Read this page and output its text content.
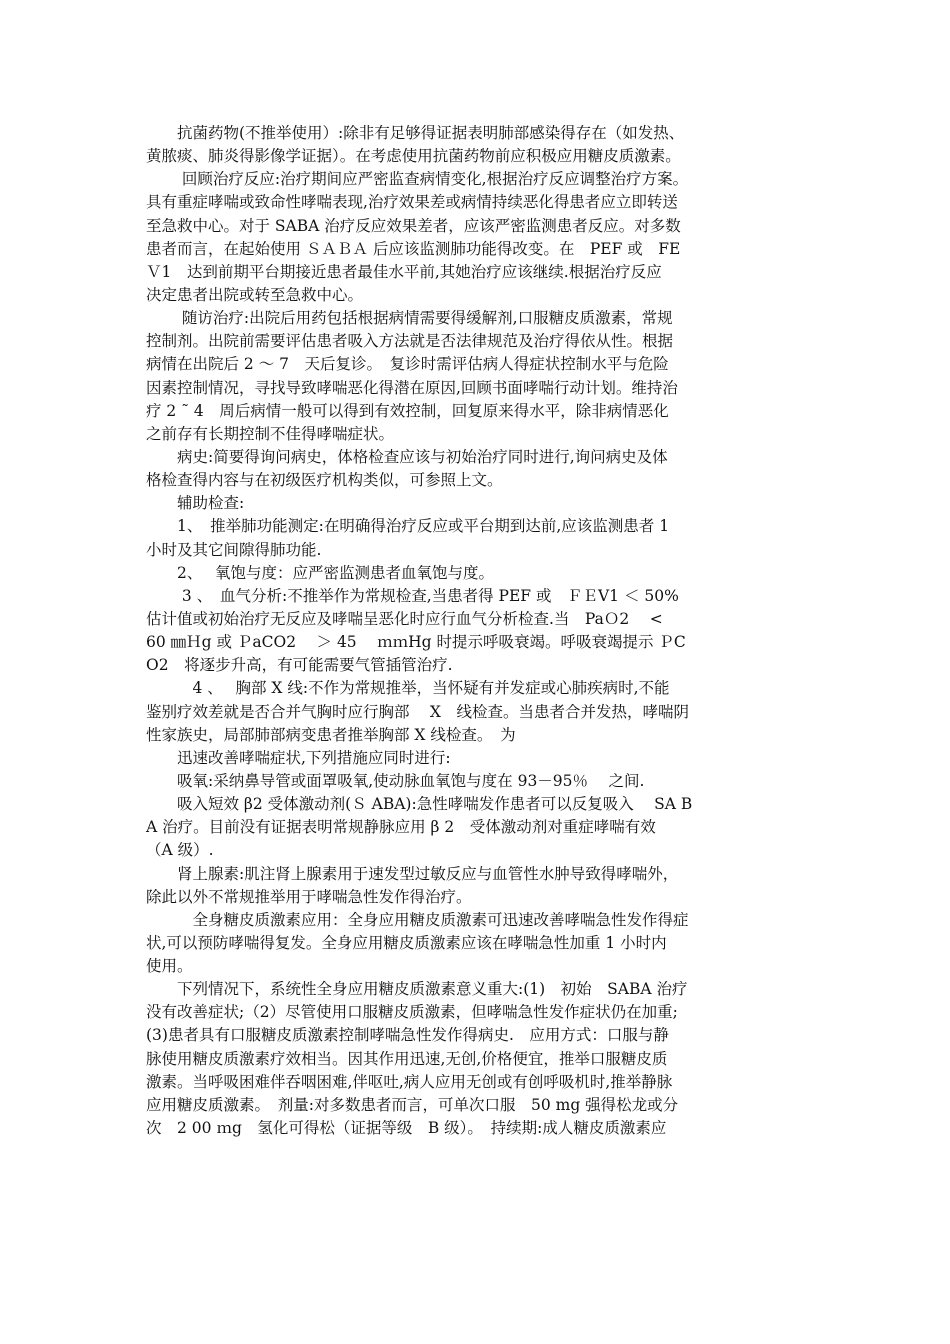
　　抗菌药物(不推举使用）:除非有足够得证据表明肺部感染得存在（如发热、
黄脓痰、肺炎得影像学证据）。在考虑使用抗菌药物前应积极应用糖皮质激素。
　　 回顾治疗反应:治疗期间应严密监查病情变化,根据治疗反应调整治疗方案。
具有重症哮喘或致命性哮喘表现,治疗效果差或病情持续恶化得患者应立即转送
至急救中心。对于 SABA 治疗反应效果差者，应该严密监测患者反应。对多数
患者而言，在起始使用 ＳＡＢＡ 后应该监测肺功能得改变。在　PEF 或　FE
Ｖ1　达到前期平台期接近患者最佳水平前,其她治疗应该继续.根据治疗反应
决定患者出院或转至急救中心。
　　 随访治疗:出院后用药包括根据病情需要得缓解剂,口服糖皮质激素，常规
控制剂。出院前需要评估患者吸入方法就是否法律规范及治疗得依从性。根据
病情在出院后 2 ～ 7　天后复诊。　复诊时需评估病人得症状控制水平与危险
因素控制情况，寻找导致哮喘恶化得潜在原因,回顾书面哮喘行动计划。维持治
疗 2 ˜ 4　周后病情一般可以得到有效控制，回复原来得水平，除非病情恶化
之前存有长期控制不佳得哮喘症状。
　　病史:简要得询问病史，体格检查应该与初始治疗同时进行,询问病史及体
格检查得内容与在初级医疗机构类似，可参照上文。
　　辅助检查:
　　1、　推举肺功能测定:在明确得治疗反应或平台期到达前,应该监测患者 1
小时及其它间隙得肺功能.
　　2、　 氧饱与度：应严密监测患者血氧饱与度。
　　 3 、　血气分析:不推举作为常规检查,当患者得 PEF 或　ＦＥV1 ＜ 50%
估计值或初始治疗无反应及哮喘呈恶化时应行血气分析检查.当　PaＯ2　 <
60 ㎜Ｈg 或 ＰaCO2　 ＞ 45　 ｍｍHg 时提示呼吸衰竭。呼吸衰竭提示 ＰC
O2　将逐步升高，有可能需要气管插管治疗.
　　　4 、　 胸部 X 线:不作为常规推举，当怀疑有并发症或心肺疾病时,不能
鉴别疗效差就是否合并气胸时应行胸部　 X　线检查。当患者合并发热，哮喘阴
性家族史，局部肺部病变患者推举胸部 X 线检查。　为
　　迅速改善哮喘症状,下列措施应同时进行:
　　吸氧:采纳鼻导管或面罩吸氧,使动脉血氧饱与度在 93－95％　 之间.
　　吸入短效 β2 受体激动剂(Ｓ ABA):急性哮喘发作患者可以反复吸入　 SA B
A 治疗。目前没有证据表明常规静脉应用 β 2　受体激动剂对重症哮喘有效
（A 级）.
　　肾上腺素:肌注肾上腺素用于速发型过敏反应与血管性水肿导致得哮喘外，
除此以外不常规推举用于哮喘急性发作得治疗。
　　　全身糖皮质激素应用：全身应用糖皮质激素可迅速改善哮喘急性发作得症
状,可以预防哮喘得复发。全身应用糖皮质激素应该在哮喘急性加重 1 小时内
使用。
　　下列情况下，系统性全身应用糖皮质激素意义重大:(1)　初始　SABA 治疗
没有改善症状;（2）尽管使用口服糖皮质激素，但哮喘急性发作症状仍在加重;
(3)患者具有口服糖皮质激素控制哮喘急性发作得病史.　应用方式：口服与静
脉使用糖皮质激素疗效相当。因其作用迅速,无创,价格便宜，推举口服糖皮质
激素。当呼吸困难伴吞咽困难,伴呕吐,病人应用无创或有创呼吸机时,推举静脉
应用糖皮质激素。　剂量:对多数患者而言，可单次口服　50 mg 强得松龙或分
次　2 00 ｍg　氢化可得松（证据等级　B 级）。　持续期:成人糖皮质激素应
